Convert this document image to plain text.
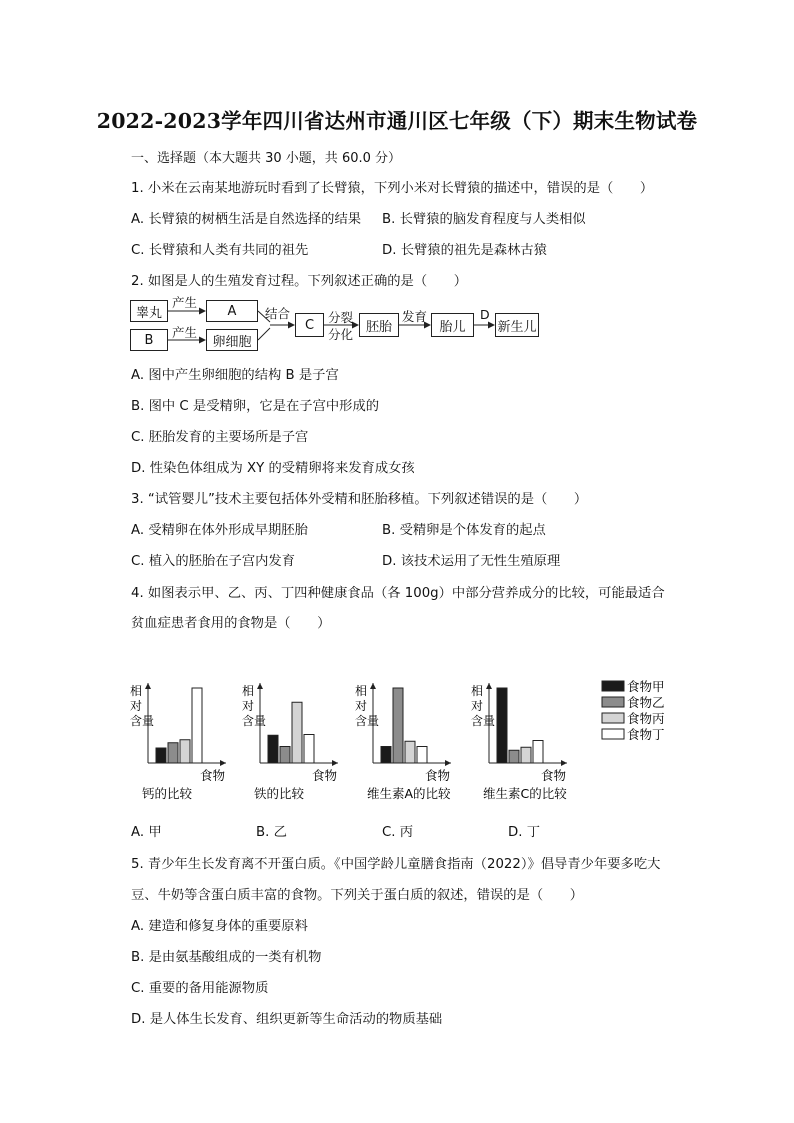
2022-2023学年四川省达州市通川区七年级（下）期末生物试卷
一、选择题（本大题共 30 小题，共 60.0 分）
1. 小米在云南某地游玩时看到了长臂猿，下列小米对长臂猿的描述中，错误的是（　　）
A. 长臂猿的树栖生活是自然选择的结果 B. 长臂猿的脑发育程度与人类相似
C. 长臂猿和人类有共同的祖先	D. 长臂猿的祖先是森林古猿
2. 如图是人的生殖发育过程。下列叙述正确的是（　　）
睾丸
B
A
卵细胞
C	胚胎	胎儿	新生儿
产生
产生
结合	分裂
分化
发育	D
A. 图中产生卵细胞的结构 B 是子宫
B. 图中 C 是受精卵，它是在子宫中形成的
C. 胚胎发育的主要场所是子宫
D. 性染色体组成为 XY 的受精卵将来发育成女孩
3. “试管婴儿”技术主要包括体外受精和胚胎移植。下列叙述错误的是（　　）
A. 受精卵在体外形成早期胚胎	B. 受精卵是个体发育的起点
C. 植入的胚胎在子宫内发育	D. 该技术运用了无性生殖原理
4. 如图表示甲、乙、丙、丁四种健康食品（各 100g）中部分营养成分的比较，可能最适合
贫血症患者食用的食物是（　　）
相
对
含量
食物
钙的比较
相
对
含量
食物
铁的比较
相
对
含量
食物
维生素A的比较
相
对
含量
食物
维生素C的比较
食物甲
食物乙
食物丙
食物丁
A. 甲	B. 乙	C. 丙	D. 丁
5. 青少年生长发育离不开蛋白质。《中国学龄儿童膳食指南（2022）》倡导青少年要多吃大
豆、牛奶等含蛋白质丰富的食物。下列关于蛋白质的叙述，错误的是（　　）
A. 建造和修复身体的重要原料
B. 是由氨基酸组成的一类有机物
C. 重要的备用能源物质
D. 是人体生长发育、组织更新等生命活动的物质基础
